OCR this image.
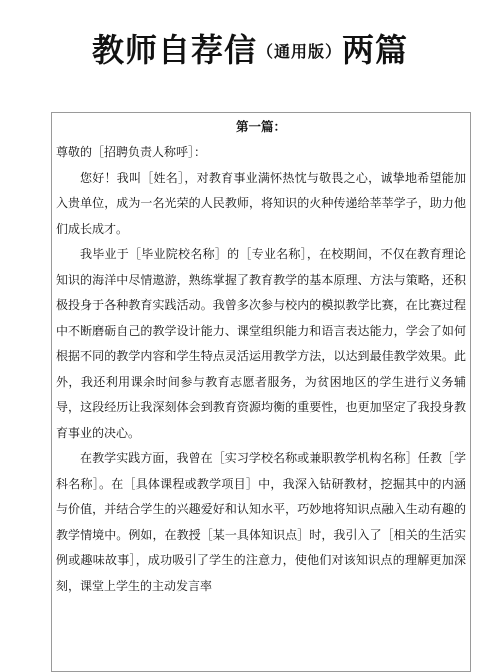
教师自荐信（通用版）两篇
第一篇：

尊敬的［招聘负责人称呼］：

您好！我叫［姓名］，对教育事业满怀热忱与敬畏之心，诚挚地希望能加入贵单位，成为一名光荣的人民教师，将知识的火种传递给莘莘学子，助力他们成长成才。

我毕业于［毕业院校名称］的［专业名称］，在校期间，不仅在教育理论知识的海洋中尽情遨游，熟练掌握了教育教学的基本原理、方法与策略，还积极投身于各种教育实践活动。我曾多次参与校内的模拟教学比赛，在比赛过程中不断磨砺自己的教学设计能力、课堂组织能力和语言表达能力，学会了如何根据不同的教学内容和学生特点灵活运用教学方法，以达到最佳教学效果。此外，我还利用课余时间参与教育志愿者服务，为贫困地区的学生进行义务辅导，这段经历让我深刻体会到教育资源均衡的重要性，也更加坚定了我投身教育事业的决心。

在教学实践方面，我曾在［实习学校名称或兼职教学机构名称］任教［学科名称］。在［具体课程或教学项目］中，我深入钻研教材，挖掘其中的内涵与价值，并结合学生的兴趣爱好和认知水平，巧妙地将知识点融入生动有趣的教学情境中。例如，在教授［某一具体知识点］时，我引入了［相关的生活实例或趣味故事］，成功吸引了学生的注意力，使他们对该知识点的理解更加深刻，课堂上学生的主动发言率
